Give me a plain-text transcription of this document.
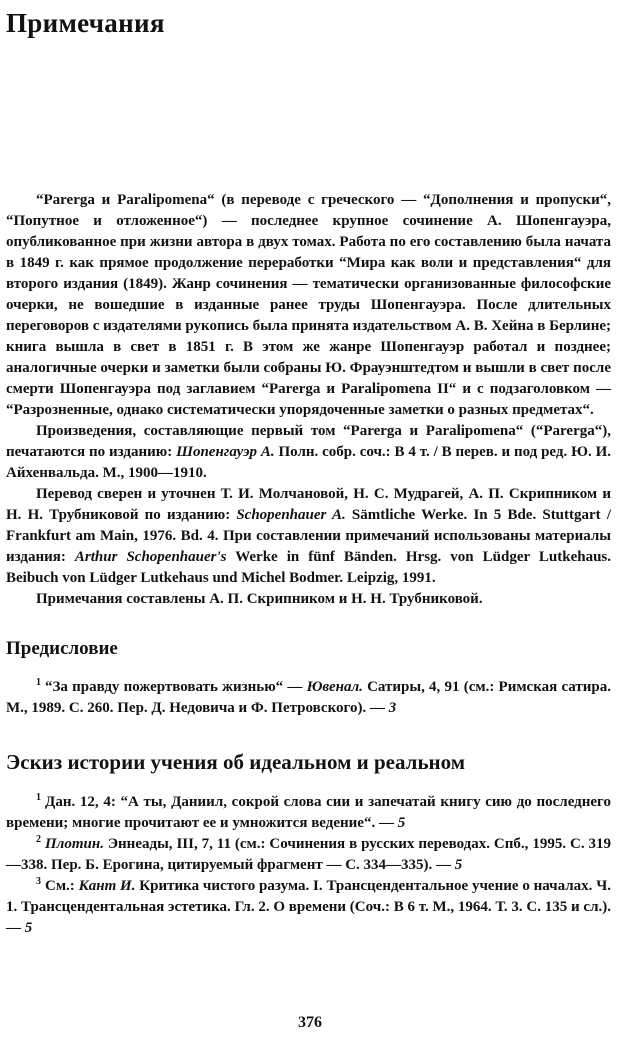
Примечания

“Parerga и Paralipomena“ (в переводе с греческого — “Дополнения и пропуски“, “Попутное и отложенное“) — последнее крупное сочинение А. Шопенгауэра, опубликованное при жизни автора в двух томах. Работа по его составлению была начата в 1849 г. как прямое продолжение переработки “Мира как воли и представления“ для второго издания (1849). Жанр сочинения — тематически организованные философские очерки, не вошедшие в изданные ранее труды Шопенгауэра. После длительных переговоров с издателями рукопись была принята издательством А. В. Хейна в Берлине; книга вышла в свет в 1851 г. В этом же жанре Шопенгауэр работал и позднее; аналогичные очерки и заметки были собраны Ю. Фрауэнштедтом и вышли в свет после смерти Шопенгауэра под заглавием “Parerga и Paralipomena II“ и с подзаголовком — “Разрозненные, однако систематически упорядоченные заметки о разных предметах“.

Произведения, составляющие первый том “Parerga и Paralipomena“ (“Parerga“), печатаются по изданию: Шопенгауэр А. Полн. собр. соч.: В 4 т. / В перев. и под ред. Ю. И. Айхенвальда. М., 1900—1910.

Перевод сверен и уточнен Т. И. Молчановой, Н. С. Мудрагей, А. П. Скрипником и Н. Н. Трубниковой по изданию: Schopenhauer A. Sämtliche Werke. In 5 Bde. Stuttgart / Frankfurt am Main, 1976. Bd. 4. При составлении примечаний использованы материалы издания: Arthur Schopenhauer's Werke in fünf Bänden. Hrsg. von Lüdger Lutkehaus. Beibuch von Lüdger Lutkehaus und Michel Bodmer. Leipzig, 1991.

Примечания составлены А. П. Скрипником и Н. Н. Трубниковой.

Предисловие

$^1$ “За правду пожертвовать жизнью“ — Ювенал. Сатиры, 4, 91 (см.: Римская сатира. М., 1989. С. 260. Пер. Д. Недовича и Ф. Петровского). — 3

Эскиз истории учения об идеальном и реальном

$^1$ Дан. 12, 4: “А ты, Даниил, сокрой слова сии и запечатай книгу сию до последнего времени; многие прочитают ее и умножится ведение“. — 5

$^2$ Плотин. Эннеады, III, 7, 11 (см.: Сочинения в русских переводах. Спб., 1995. С. 319—338. Пер. Б. Ерогина, цитируемый фрагмент — С. 334—335). — 5

$^3$ См.: Кант И. Критика чистого разума. I. Трансцендентальное учение о началах. Ч. 1. Трансцендентальная эстетика. Гл. 2. О времени (Соч.: В 6 т. М., 1964. Т. 3. С. 135 и сл.). — 5

376
